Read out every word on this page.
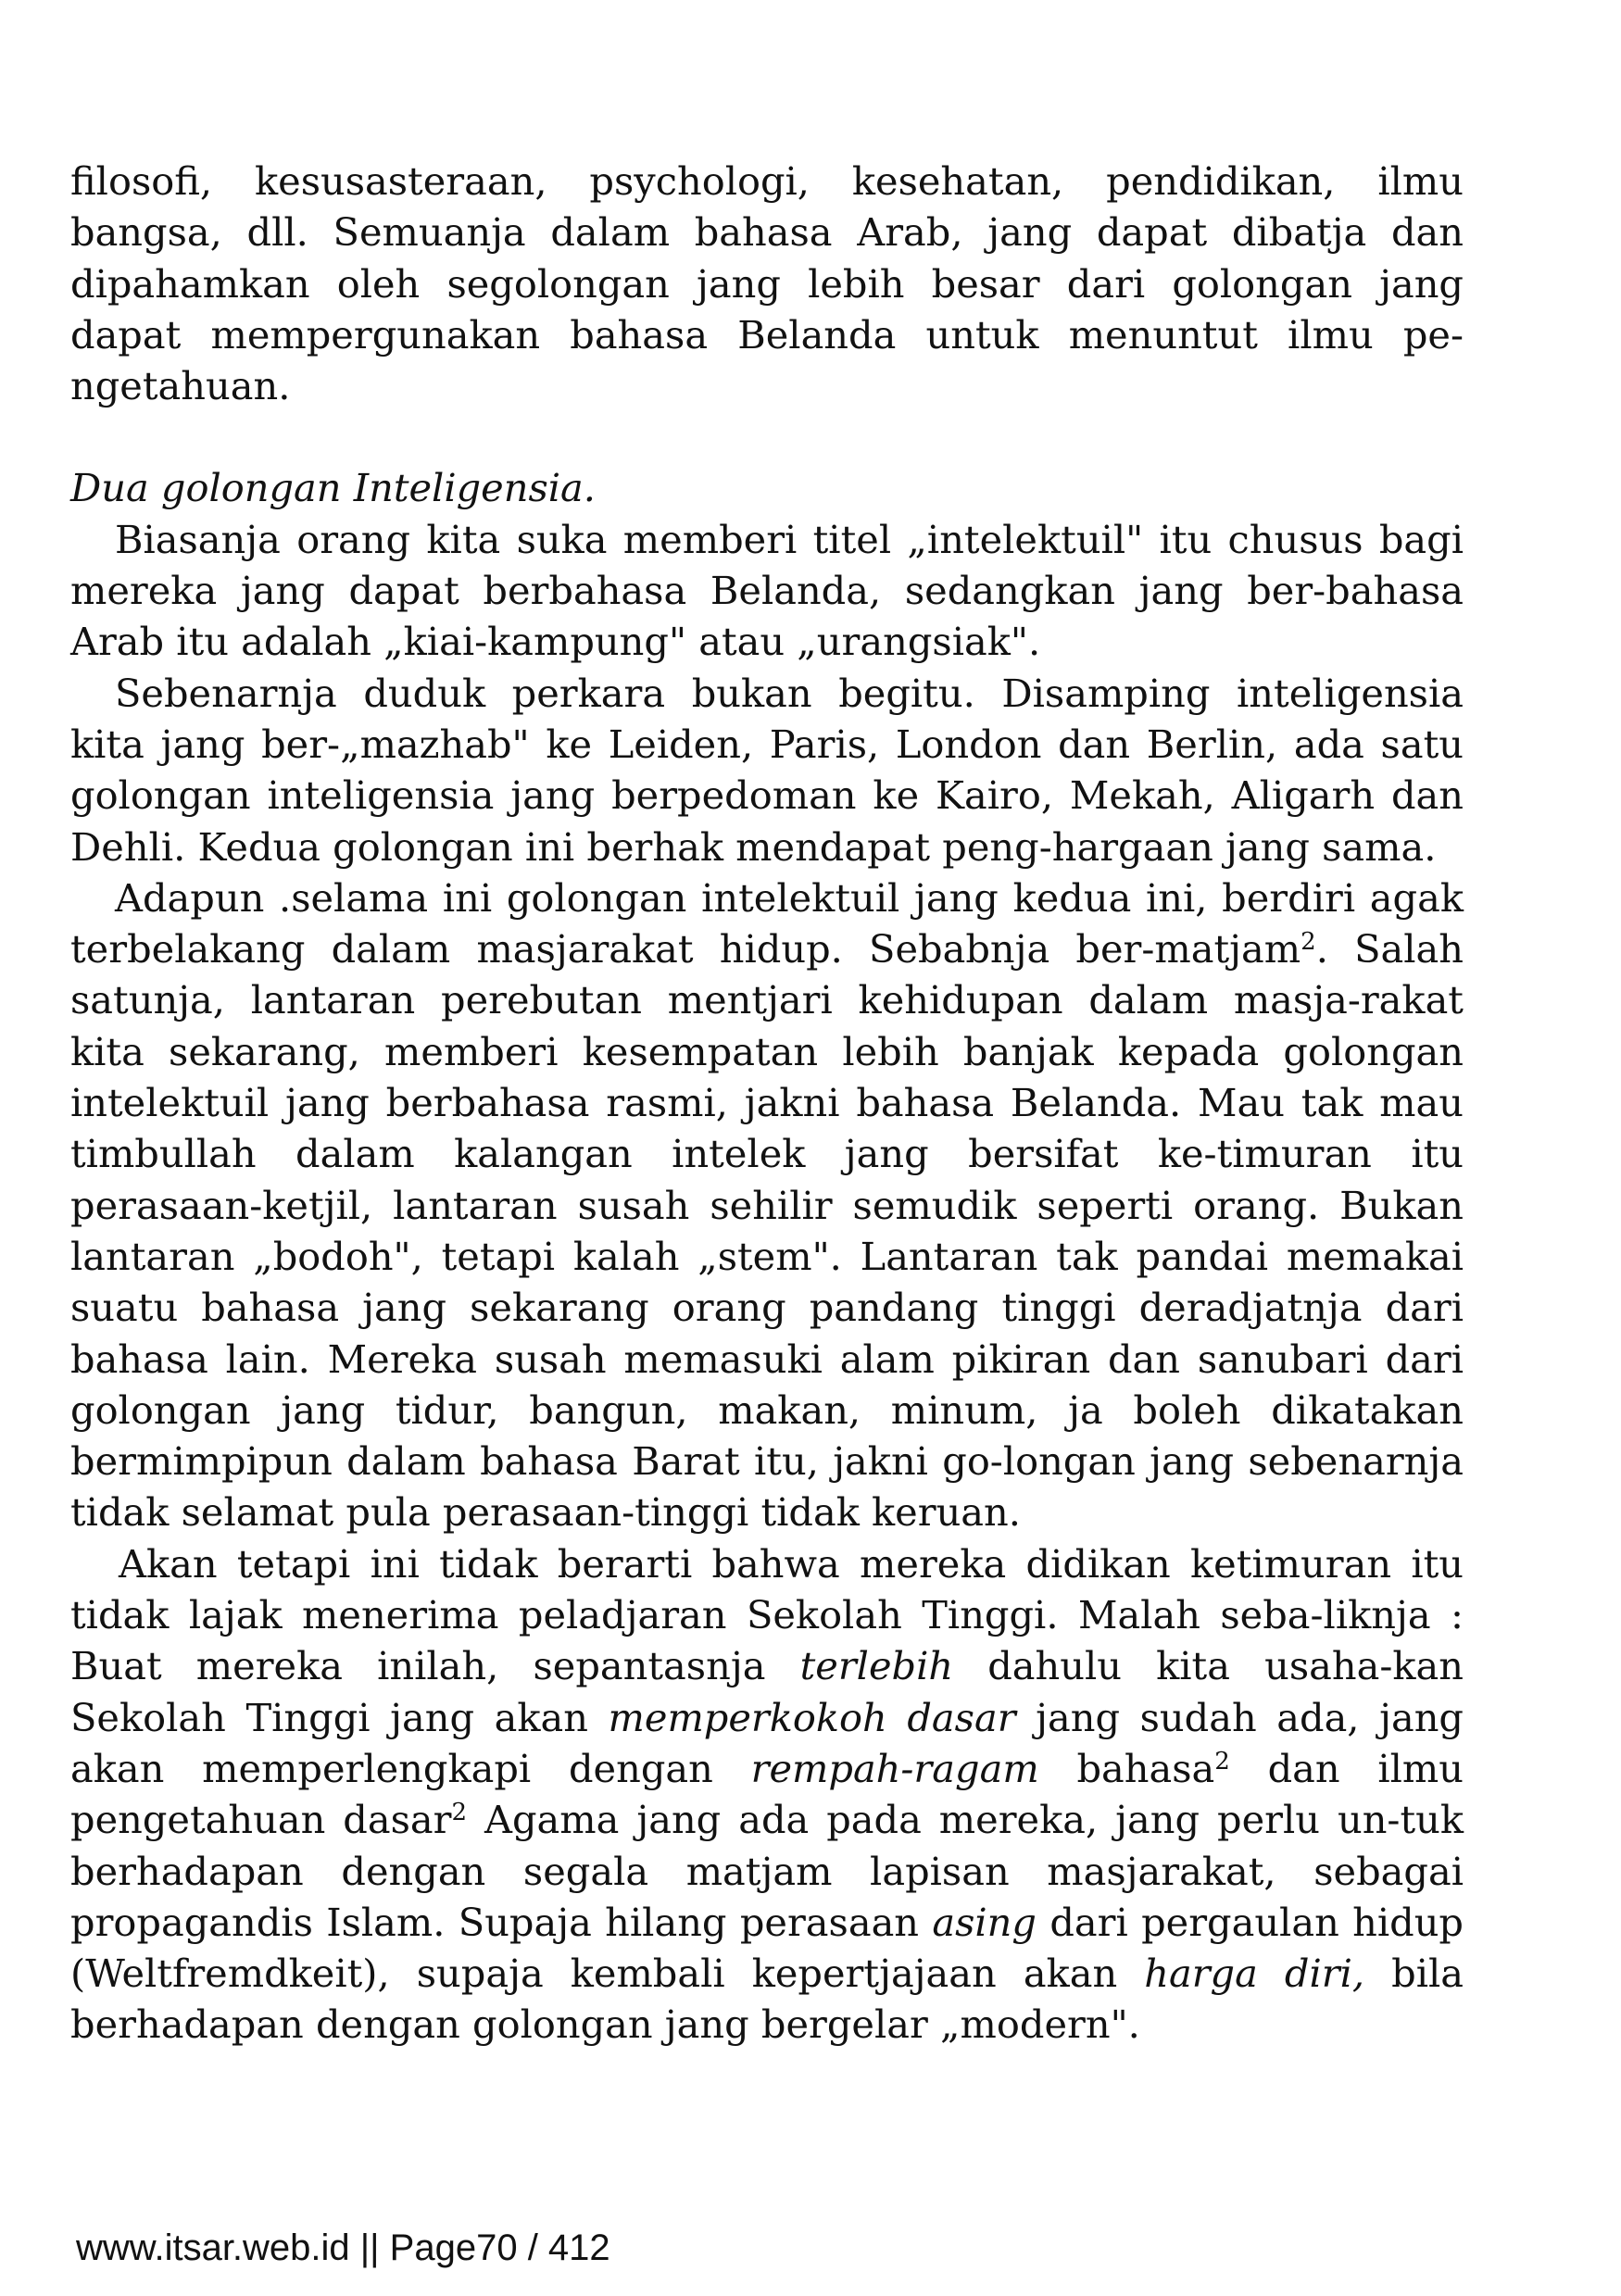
filosofi, kesusasteraan, psychologi, kesehatan, pendidikan, ilmu bangsa, dll. Semuanja dalam bahasa Arab, jang dapat dibatja dan dipahamkan oleh segolongan jang lebih besar dari golongan jang dapat mempergunakan bahasa Belanda untuk menuntut ilmu pe-ngetahuan.

Dua golongan Inteligensia.

Biasanja orang kita suka memberi titel „intelektuil" itu chusus bagi mereka jang dapat berbahasa Belanda, sedangkan jang ber-bahasa Arab itu adalah „kiai-kampung" atau „urangsiak".

Sebenarnja duduk perkara bukan begitu. Disamping inteligensia kita jang ber-„mazhab" ke Leiden, Paris, London dan Berlin, ada satu golongan inteligensia jang berpedoman ke Kairo, Mekah, Aligarh dan Dehli. Kedua golongan ini berhak mendapat peng-hargaan jang sama.

Adapun .selama ini golongan intelektuil jang kedua ini, berdiri agak terbelakang dalam masjarakat hidup. Sebabnja ber-matjam$^2$. Salah satunja, lantaran perebutan mentjari kehidupan dalam masja-rakat kita sekarang, memberi kesempatan lebih banjak kepada golongan intelektuil jang berbahasa rasmi, jakni bahasa Belanda. Mau tak mau timbullah dalam kalangan intelek jang bersifat ke-timuran itu perasaan-ketjil, lantaran susah sehilir semudik seperti orang. Bukan lantaran „bodoh", tetapi kalah „stem". Lantaran tak pandai memakai suatu bahasa jang sekarang orang pandang tinggi deradjatnja dari bahasa lain. Mereka susah memasuki alam pikiran dan sanubari dari golongan jang tidur, bangun, makan, minum, ja boleh dikatakan bermimpipun dalam bahasa Barat itu, jakni go-longan jang sebenarnja tidak selamat pula perasaan-tinggi tidak keruan.

Akan tetapi ini tidak berarti bahwa mereka didikan ketimuran itu tidak lajak menerima peladjaran Sekolah Tinggi. Malah seba-liknja : Buat mereka inilah, sepantasnja terlebih dahulu kita usaha-kan Sekolah Tinggi jang akan memperkokoh dasar jang sudah ada, jang akan memperlengkapi dengan rempah-ragam bahasa$^2$ dan ilmu pengetahuan dasar$^2$ Agama jang ada pada mereka, jang perlu un-tuk berhadapan dengan segala matjam lapisan masjarakat, sebagai propagandis Islam. Supaja hilang perasaan asing dari pergaulan hidup (Weltfremdkeit), supaja kembali kepertjajaan akan harga diri, bila berhadapan dengan golongan jang bergelar „modern".

www.itsar.web.id || Page70 / 412
